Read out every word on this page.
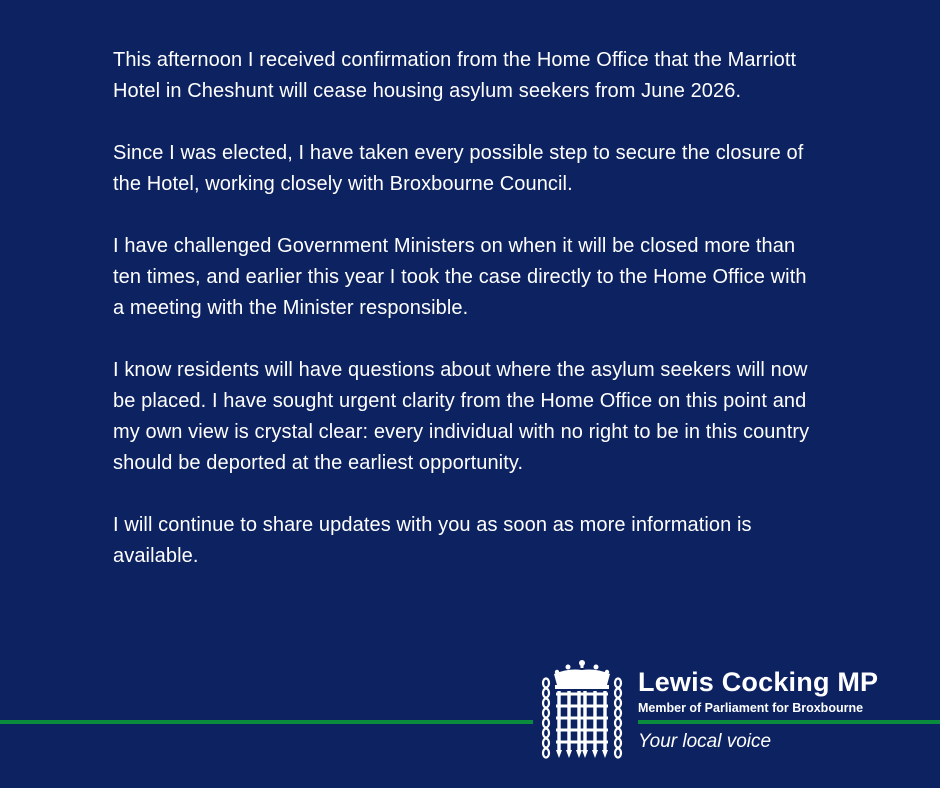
This afternoon I received confirmation from the Home Office that the Marriott Hotel in Cheshunt will cease housing asylum seekers from June 2026.

Since I was elected, I have taken every possible step to secure the closure of the Hotel, working closely with Broxbourne Council.

I have challenged Government Ministers on when it will be closed more than ten times, and earlier this year I took the case directly to the Home Office with a meeting with the Minister responsible.

I know residents will have questions about where the asylum seekers will now be placed. I have sought urgent clarity from the Home Office on this point and my own view is crystal clear: every individual with no right to be in this country should be deported at the earliest opportunity.

I will continue to share updates with you as soon as more information is available.

Lewis Cocking MP
Member of Parliament for Broxbourne
Your local voice
